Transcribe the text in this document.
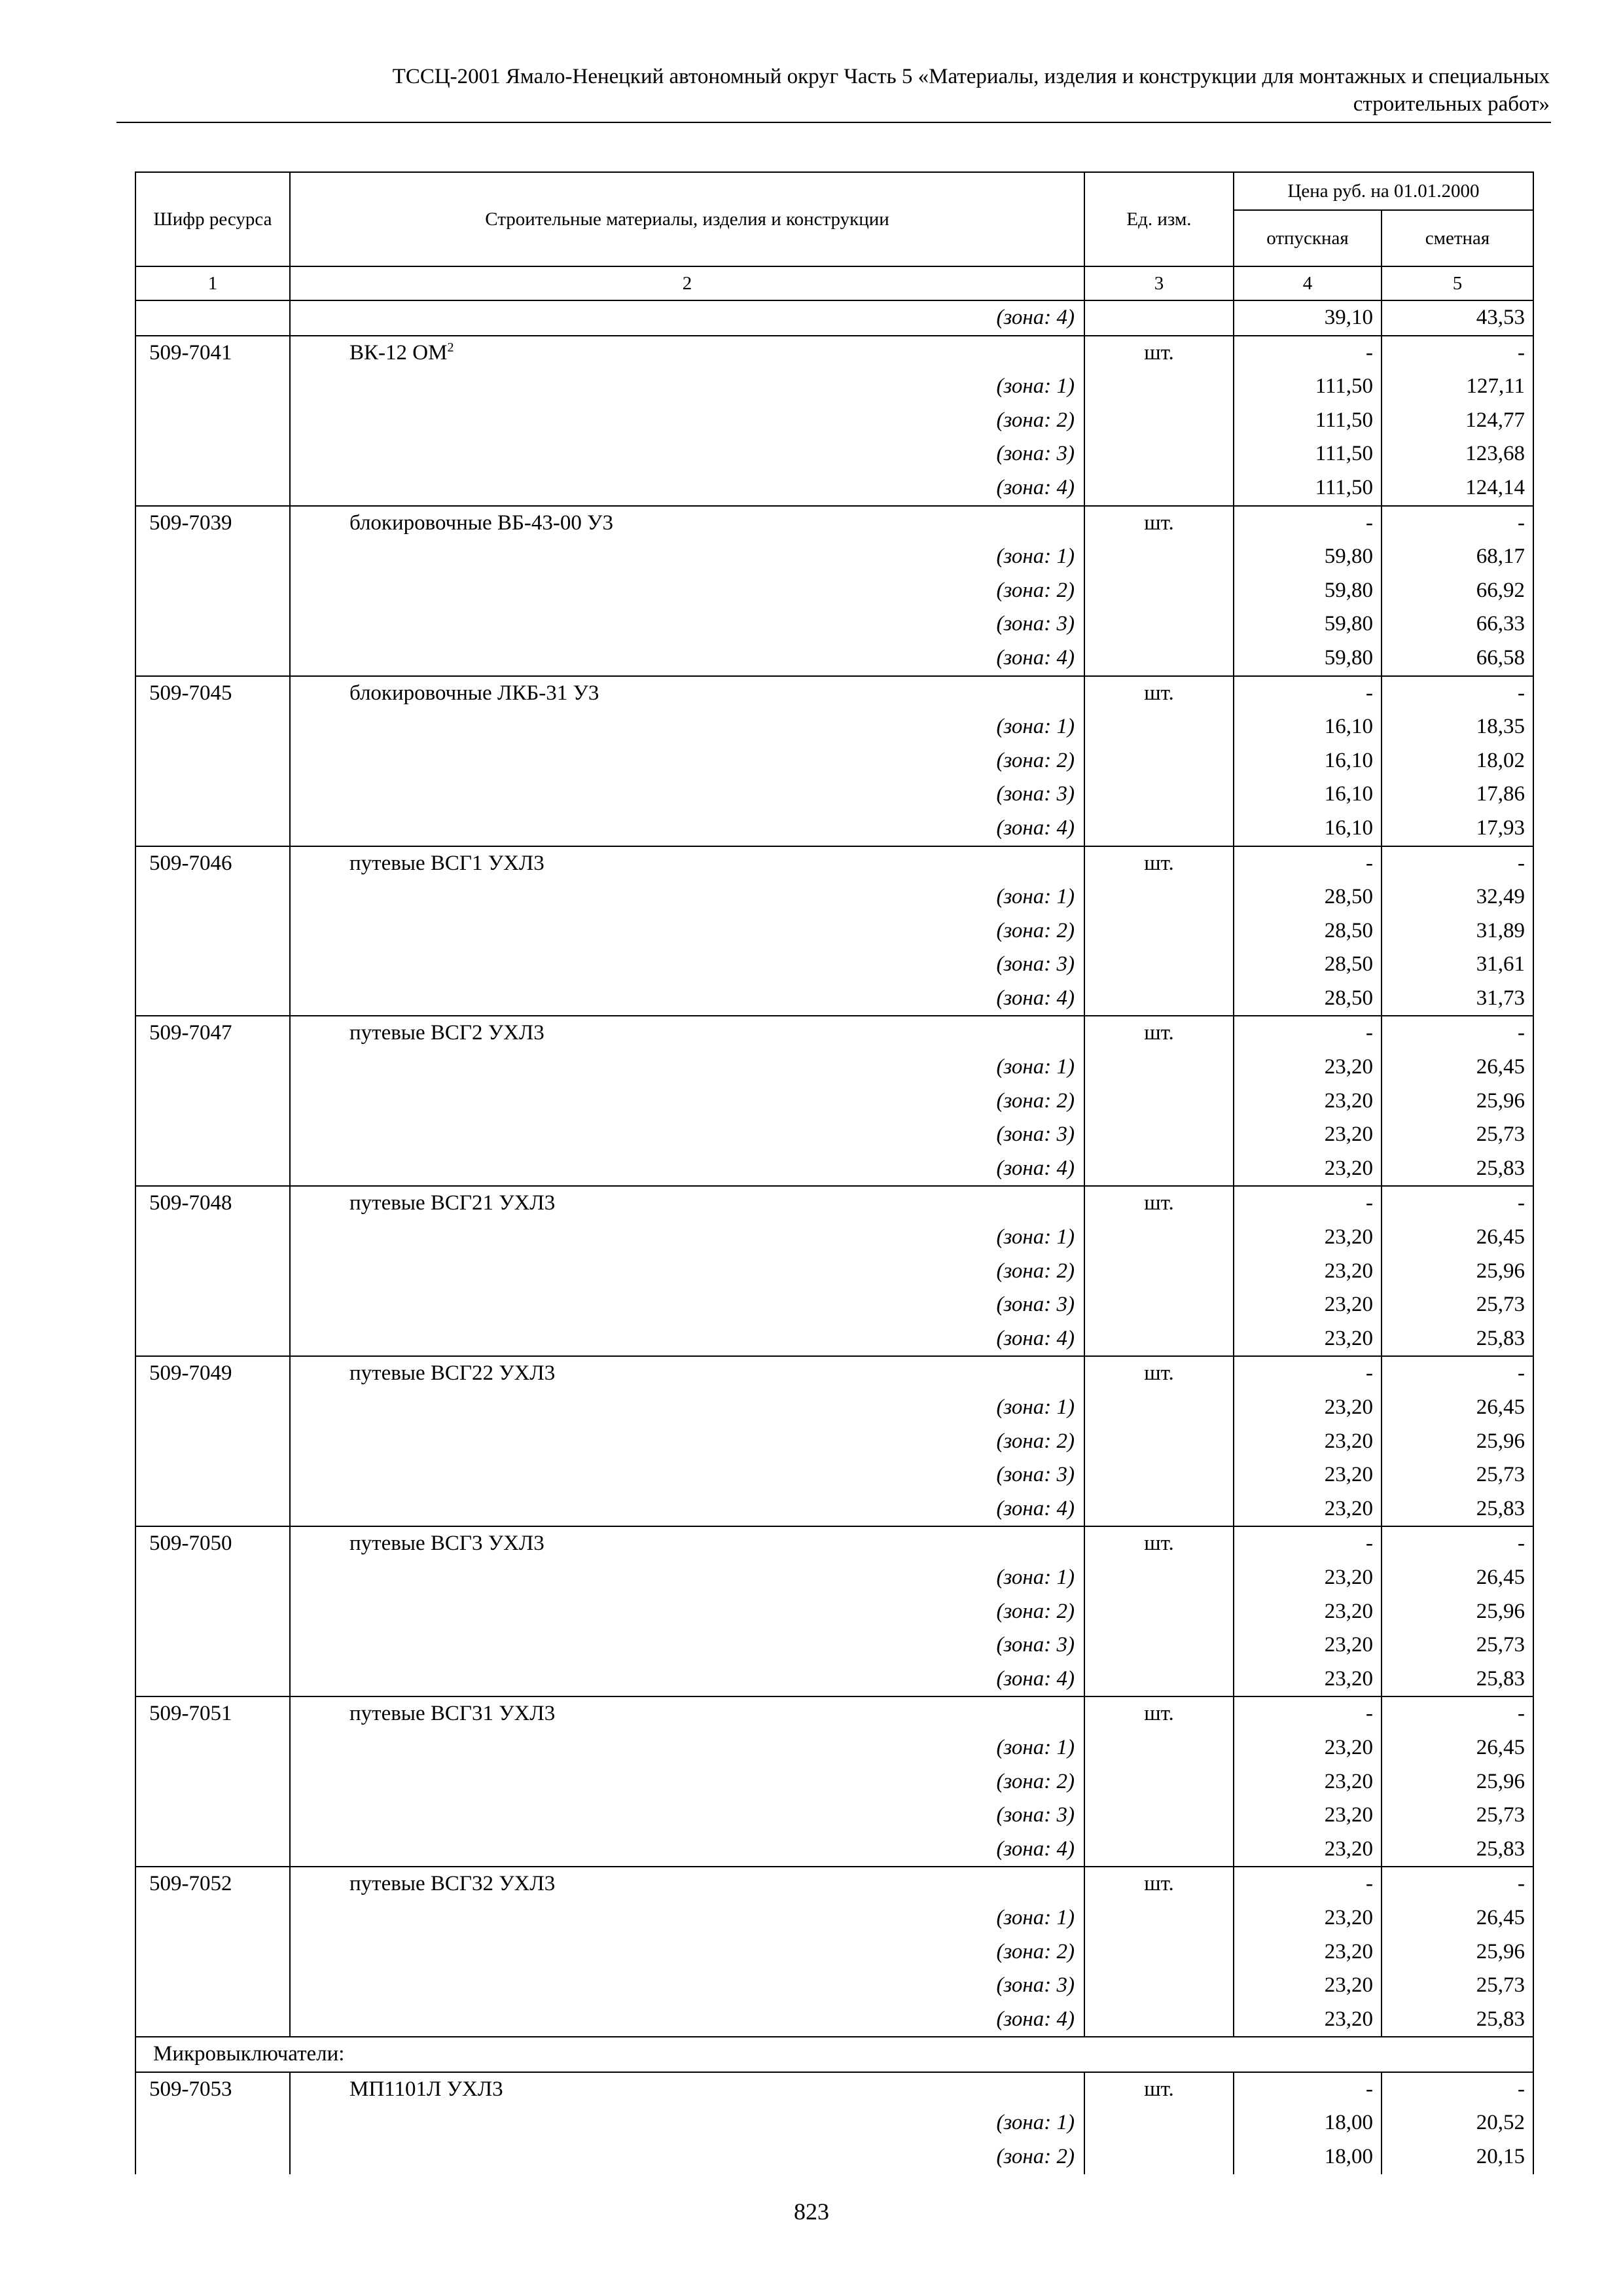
ТССЦ-2001 Ямало-Ненецкий автономный округ Часть 5 «Материалы, изделия и конструкции для монтажных и специальных
строительных работ»
Шифр ресурса	Строительные материалы, изделия и конструкции	Ед. изм.	Цена руб. на 01.01.2000	
			отпускная	сметная
1	2	3	4	5
	(зона: 4)		39,10	43,53
509-7041	ВК-12 $ОМ^2$	шт.	-	-
	(зона: 1)		111,50	127,11
	(зона: 2)		111,50	124,77
	(зона: 3)		111,50	123,68
	(зона: 4)		111,50	124,14
509-7039	блокировочные ВБ-43-00 У3	шт.	-	-
	(зона: 1)		59,80	68,17
	(зона: 2)		59,80	66,92
	(зона: 3)		59,80	66,33
	(зона: 4)		59,80	66,58
509-7045	блокировочные ЛКБ-31 У3	шт.	-	-
	(зона: 1)		16,10	18,35
	(зона: 2)		16,10	18,02
	(зона: 3)		16,10	17,86
	(зона: 4)		16,10	17,93
509-7046	путевые ВСГ1 УХЛ3	шт.	-	-
	(зона: 1)		28,50	32,49
	(зона: 2)		28,50	31,89
	(зона: 3)		28,50	31,61
	(зона: 4)		28,50	31,73
509-7047	путевые ВСГ2 УХЛ3	шт.	-	-
	(зона: 1)		23,20	26,45
	(зона: 2)		23,20	25,96
	(зона: 3)		23,20	25,73
	(зона: 4)		23,20	25,83
509-7048	путевые ВСГ21 УХЛ3	шт.	-	-
	(зона: 1)		23,20	26,45
	(зона: 2)		23,20	25,96
	(зона: 3)		23,20	25,73
	(зона: 4)		23,20	25,83
509-7049	путевые ВСГ22 УХЛ3	шт.	-	-
	(зона: 1)		23,20	26,45
	(зона: 2)		23,20	25,96
	(зона: 3)		23,20	25,73
	(зона: 4)		23,20	25,83
509-7050	путевые ВСГ3 УХЛ3	шт.	-	-
	(зона: 1)		23,20	26,45
	(зона: 2)		23,20	25,96
	(зона: 3)		23,20	25,73
	(зона: 4)		23,20	25,83
509-7051	путевые ВСГ31 УХЛ3	шт.	-	-
	(зона: 1)		23,20	26,45
	(зона: 2)		23,20	25,96
	(зона: 3)		23,20	25,73
	(зона: 4)		23,20	25,83
509-7052	путевые ВСГ32 УХЛ3	шт.	-	-
	(зона: 1)		23,20	26,45
	(зона: 2)		23,20	25,96
	(зона: 3)		23,20	25,73
	(зона: 4)		23,20	25,83
Микровыключатели:				
509-7053	МП1101Л УХЛ3	шт.	-	-
	(зона: 1)		18,00	20,52
	(зона: 2)		18,00	20,15
823
